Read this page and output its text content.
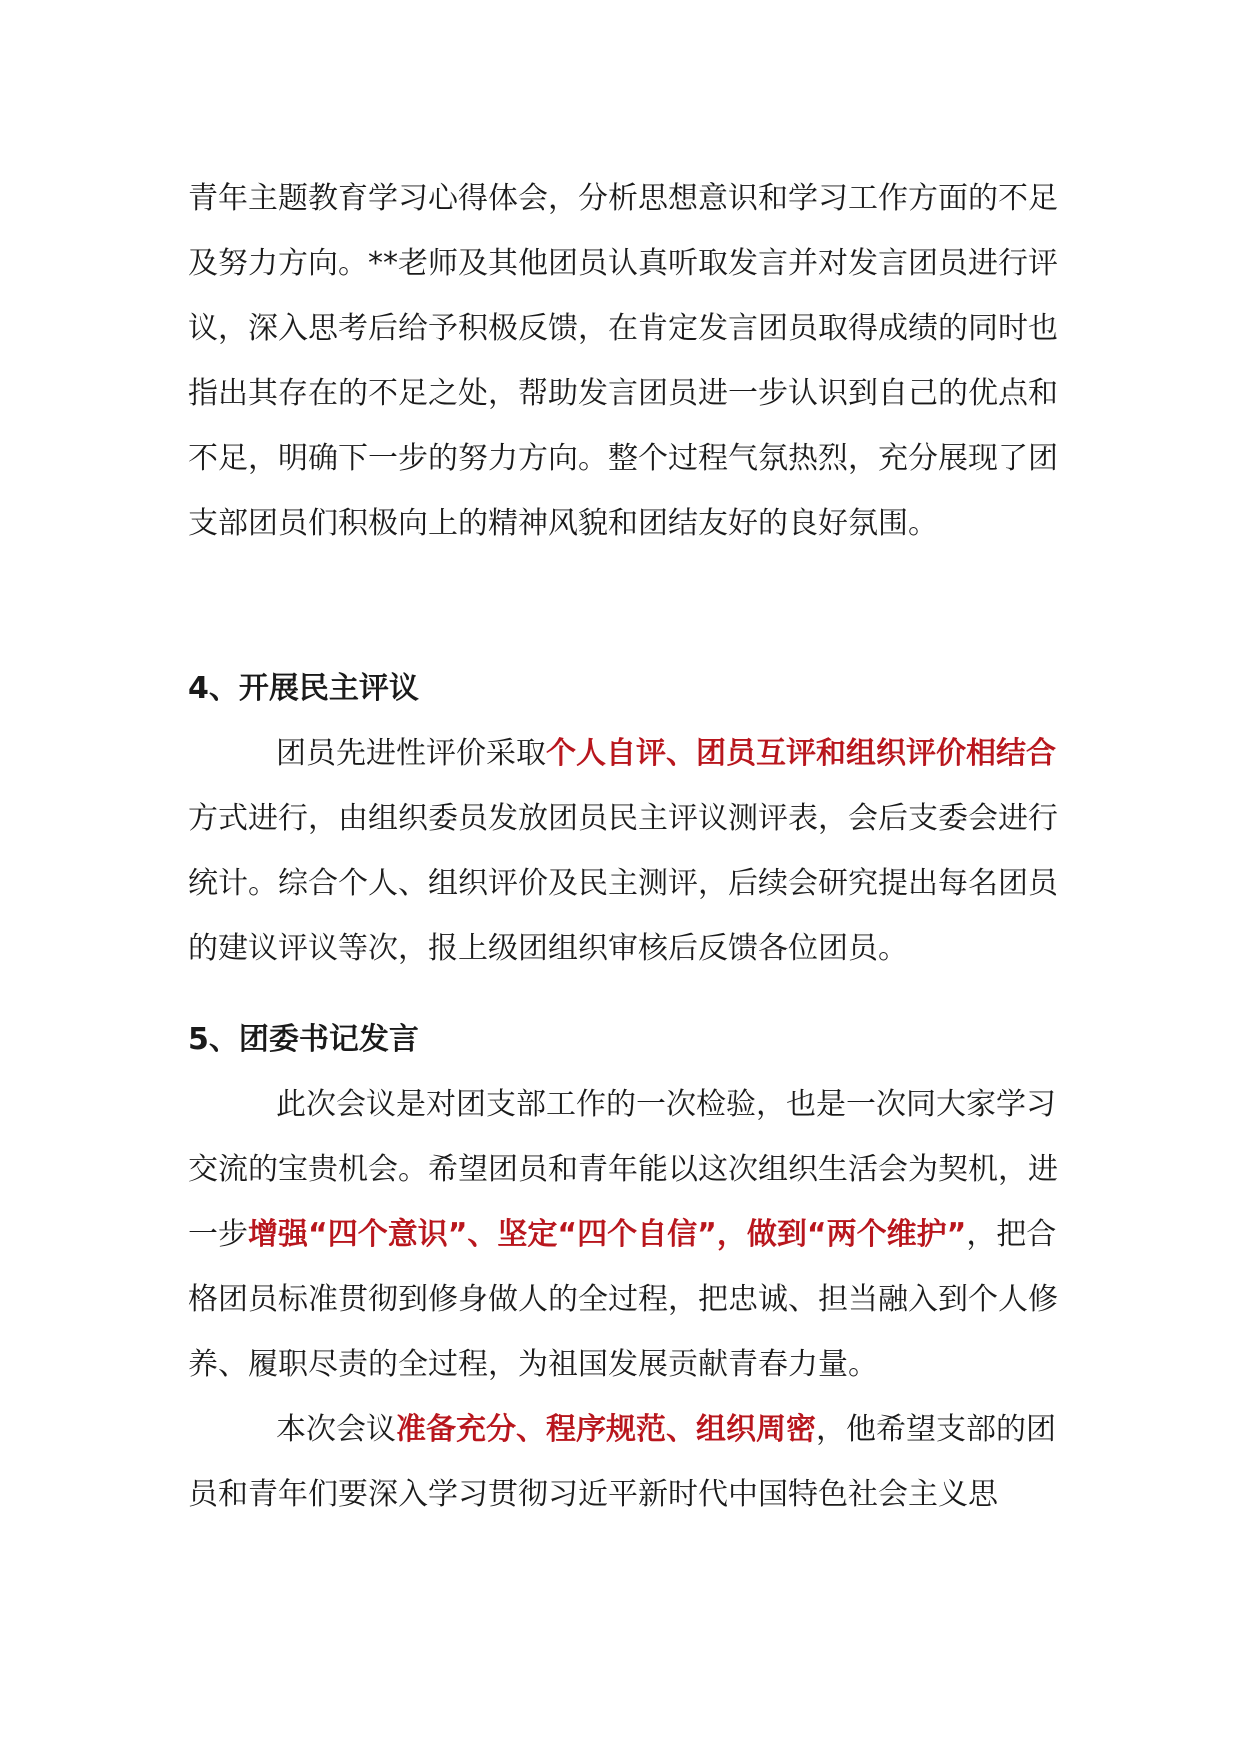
青年主题教育学习心得体会，分析思想意识和学习工作方面的不足及努力方向。**老师及其他团员认真听取发言并对发言团员进行评议，深入思考后给予积极反馈，在肯定发言团员取得成绩的同时也指出其存在的不足之处，帮助发言团员进一步认识到自己的优点和不足，明确下一步的努力方向。整个过程气氛热烈，充分展现了团支部团员们积极向上的精神风貌和团结友好的良好氛围。

4、开展民主评议

团员先进性评价采取个人自评、团员互评和组织评价相结合方式进行，由组织委员发放团员民主评议测评表，会后支委会进行统计。综合个人、组织评价及民主测评，后续会研究提出每名团员的建议评议等次，报上级团组织审核后反馈各位团员。

5、团委书记发言

此次会议是对团支部工作的一次检验，也是一次同大家学习交流的宝贵机会。希望团员和青年能以这次组织生活会为契机，进一步增强“四个意识”、坚定“四个自信”，做到“两个维护”，把合格团员标准贯彻到修身做人的全过程，把忠诚、担当融入到个人修养、履职尽责的全过程，为祖国发展贡献青春力量。

本次会议准备充分、程序规范、组织周密，他希望支部的团员和青年们要深入学习贯彻习近平新时代中国特色社会主义思
